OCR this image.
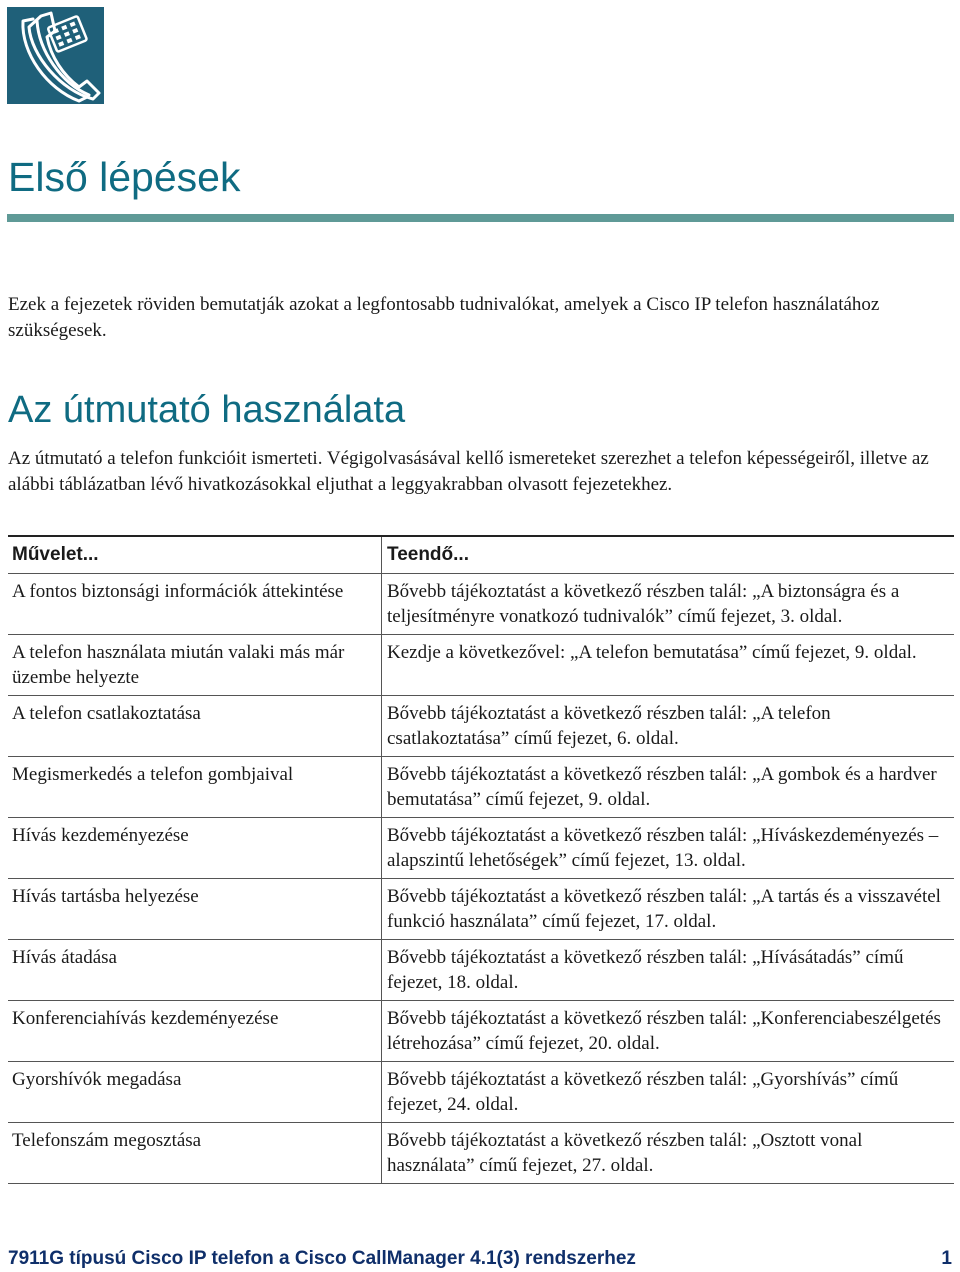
Első lépések

Ezek a fejezetek röviden bemutatják azokat a legfontosabb tudnivalókat, amelyek a Cisco IP telefon használatához szükségesek.

Az útmutató használata

Az útmutató a telefon funkcióit ismerteti. Végigolvasásával kellő ismereteket szerezhet a telefon képességeiről, illetve az alábbi táblázatban lévő hivatkozásokkal eljuthat a leggyakrabban olvasott fejezetekhez.

Művelet...	Teendő...
A fontos biztonsági információk áttekintése	Bővebb tájékoztatást a következő részben talál: „A biztonságra és a teljesítményre vonatkozó tudnivalók” című fejezet, 3. oldal.
A telefon használata miután valaki más már üzembe helyezte	Kezdje a következővel: „A telefon bemutatása” című fejezet, 9. oldal.
A telefon csatlakoztatása	Bővebb tájékoztatást a következő részben talál: „A telefon csatlakoztatása” című fejezet, 6. oldal.
Megismerkedés a telefon gombjaival	Bővebb tájékoztatást a következő részben talál: „A gombok és a hardver bemutatása” című fejezet, 9. oldal.
Hívás kezdeményezése	Bővebb tájékoztatást a következő részben talál: „Híváskezdeményezés – alapszintű lehetőségek” című fejezet, 13. oldal.
Hívás tartásba helyezése	Bővebb tájékoztatást a következő részben talál: „A tartás és a visszavétel funkció használata” című fejezet, 17. oldal.
Hívás átadása	Bővebb tájékoztatást a következő részben talál: „Hívásátadás” című fejezet, 18. oldal.
Konferenciahívás kezdeményezése	Bővebb tájékoztatást a következő részben talál: „Konferenciabeszélgetés létrehozása” című fejezet, 20. oldal.
Gyorshívók megadása	Bővebb tájékoztatást a következő részben talál: „Gyorshívás” című fejezet, 24. oldal.
Telefonszám megosztása	Bővebb tájékoztatást a következő részben talál: „Osztott vonal használata” című fejezet, 27. oldal.
7911G típusú Cisco IP telefon a Cisco CallManager 4.1(3) rendszerhez	1
